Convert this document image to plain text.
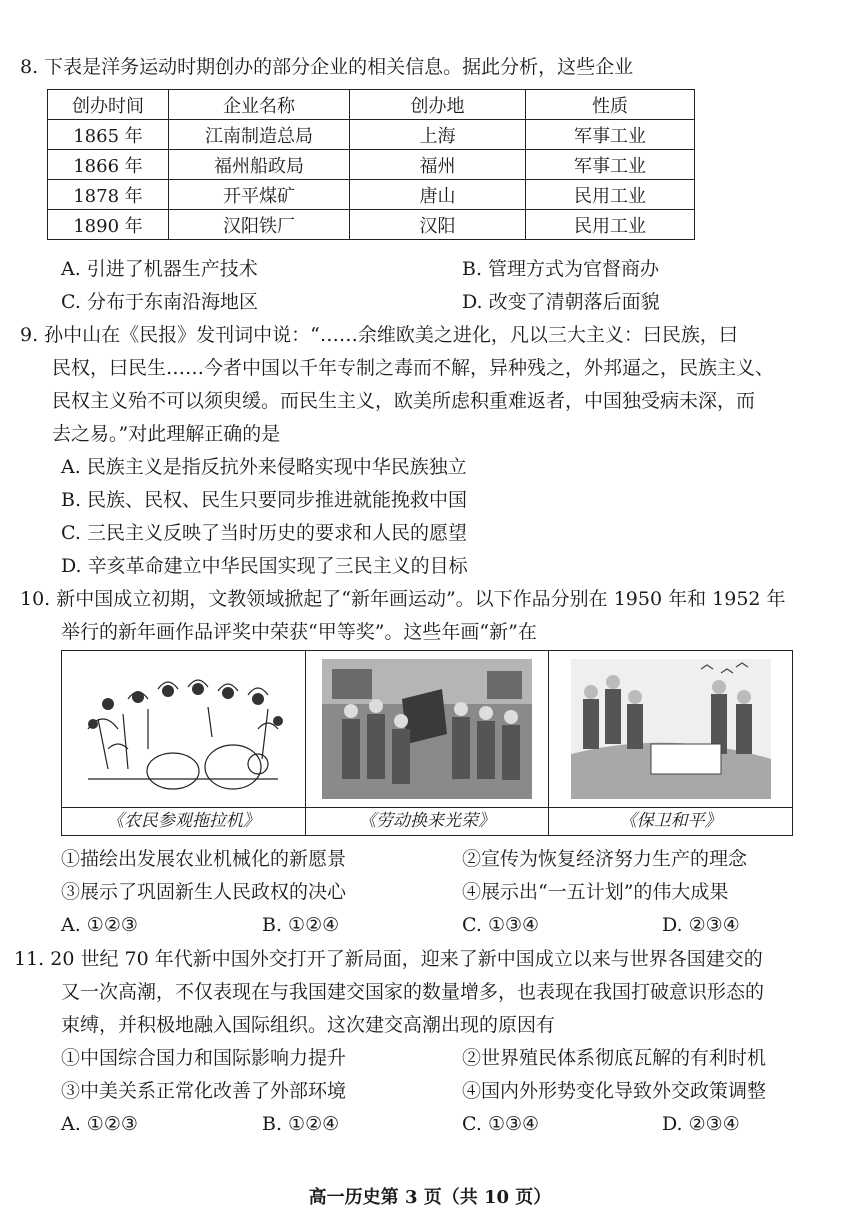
8. 下表是洋务运动时期创办的部分企业的相关信息。据此分析，这些企业
创办时间	企业名称	创办地	性质
1865 年	江南制造总局	上海	军事工业
1866 年	福州船政局	福州	军事工业
1878 年	开平煤矿	唐山	民用工业
1890 年	汉阳铁厂	汉阳	民用工业
A. 引进了机器生产技术	B. 管理方式为官督商办
C. 分布于东南沿海地区	D. 改变了清朝落后面貌
9. 孙中山在《民报》发刊词中说：“……余维欧美之进化，凡以三大主义：曰民族，曰
民权，曰民生……今者中国以千年专制之毒而不解，异种残之，外邦逼之，民族主义、
民权主义殆不可以须臾缓。而民生主义，欧美所虑积重难返者，中国独受病未深，而
去之易。”对此理解正确的是
A. 民族主义是指反抗外来侵略实现中华民族独立
B. 民族、民权、民生只要同步推进就能挽救中国
C. 三民主义反映了当时历史的要求和人民的愿望
D. 辛亥革命建立中华民国实现了三民主义的目标
10. 新中国成立初期，文教领域掀起了“新年画运动”。以下作品分别在 1950 年和 1952 年
举行的新年画作品评奖中荣获“甲等奖”。这些年画“新”在
《农民参观拖拉机》	《劳动换来光荣》	《保卫和平》
①描绘出发展农业机械化的新愿景	②宣传为恢复经济努力生产的理念
③展示了巩固新生人民政权的决心	④展示出“一五计划”的伟大成果
A. ①②③	B. ①②④	C. ①③④	D. ②③④
11. 20 世纪 70 年代新中国外交打开了新局面，迎来了新中国成立以来与世界各国建交的
又一次高潮，不仅表现在与我国建交国家的数量增多，也表现在我国打破意识形态的
束缚，并积极地融入国际组织。这次建交高潮出现的原因有
①中国综合国力和国际影响力提升	②世界殖民体系彻底瓦解的有利时机
③中美关系正常化改善了外部环境	④国内外形势变化导致外交政策调整
A. ①②③	B. ①②④	C. ①③④	D. ②③④
高一历史第 3 页（共 10 页）
